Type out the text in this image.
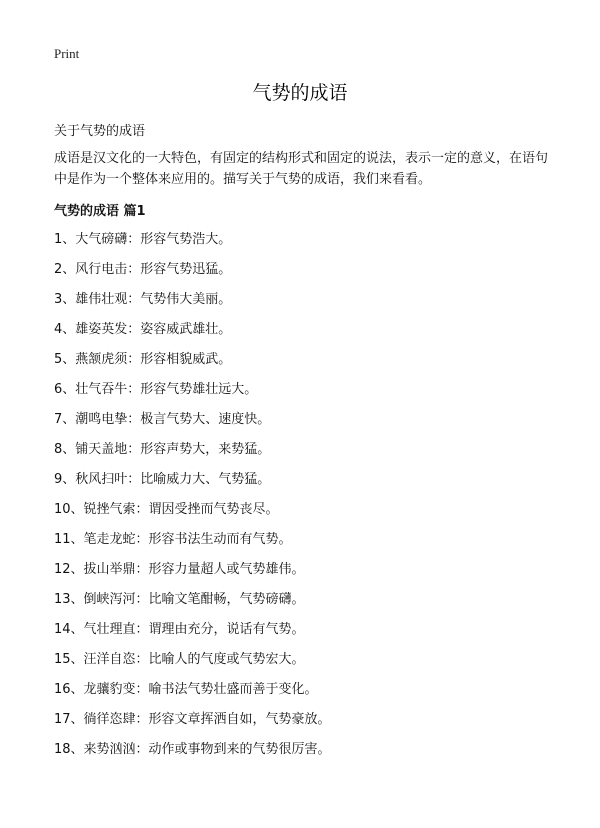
Print
气势的成语

关于气势的成语

成语是汉文化的一大特色，有固定的结构形式和固定的说法，表示一定的意义，在语句中是作为一个整体来应用的。描写关于气势的成语，我们来看看。

气势的成语 篇1
1、大气磅礴：形容气势浩大。
2、风行电击：形容气势迅猛。
3、雄伟壮观：气势伟大美丽。
4、雄姿英发：姿容威武雄壮。
5、燕颔虎须：形容相貌威武。
6、壮气吞牛：形容气势雄壮远大。
7、潮鸣电挚：极言气势大、速度快。
8、铺天盖地：形容声势大，来势猛。
9、秋风扫叶：比喻威力大、气势猛。
10、锐挫气索：谓因受挫而气势丧尽。
11、笔走龙蛇：形容书法生动而有气势。
12、拔山举鼎：形容力量超人或气势雄伟。
13、倒峡泻河：比喻文笔酣畅，气势磅礴。
14、气壮理直：谓理由充分，说话有气势。
15、汪洋自恣：比喻人的气度或气势宏大。
16、龙骧豹变：喻书法气势壮盛而善于变化。
17、徜徉恣肆：形容文章挥洒自如，气势豪放。
18、来势汹汹：动作或事物到来的气势很厉害。
